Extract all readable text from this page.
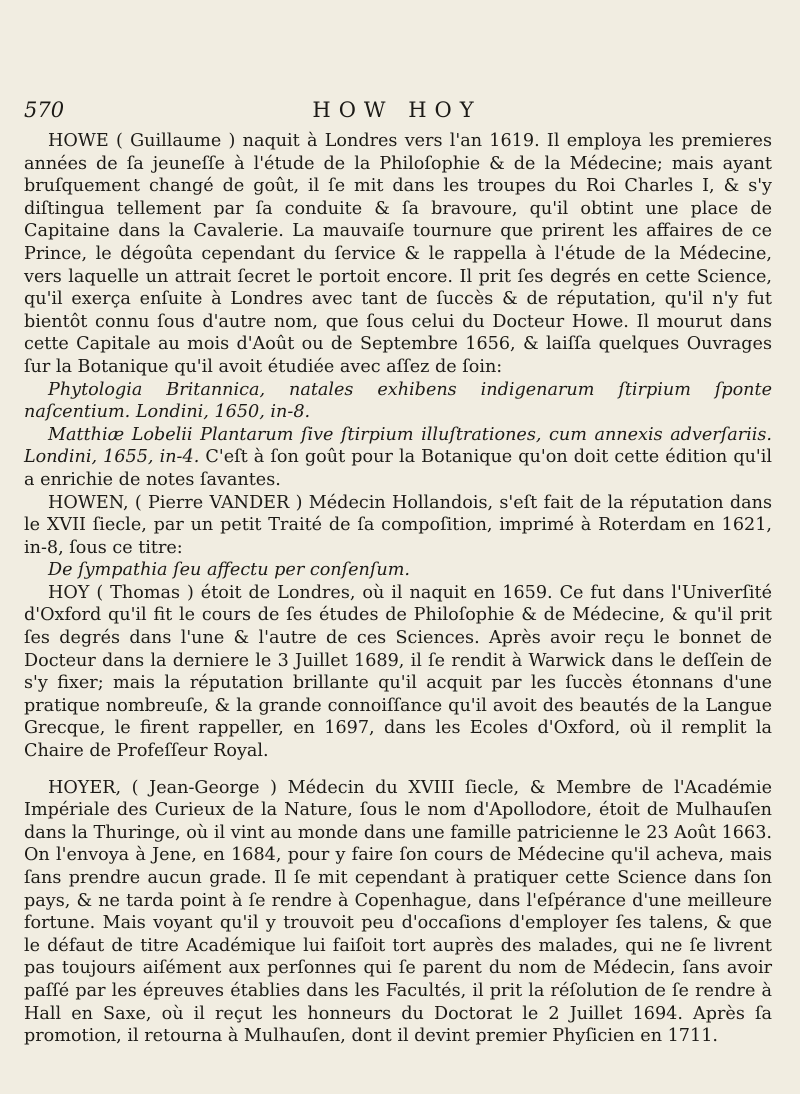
570	HOW HOY

HOWE ( Guillaume ) naquit à Londres vers l'an 1619. Il employa les premieres années de ſa jeuneſſe à l'étude de la Philoſophie & de la Médecine; mais ayant bruſquement changé de goût, il ſe mit dans les troupes du Roi Charles I, & s'y diſtingua tellement par ſa conduite & ſa bravoure, qu'il obtint une place de Capitaine dans la Cavalerie. La mauvaiſe tournure que prirent les affaires de ce Prince, le dégoûta cependant du ſervice & le rappella à l'étude de la Médecine, vers laquelle un attrait ſecret le portoit encore. Il prit ſes degrés en cette Science, qu'il exerça enſuite à Londres avec tant de ſuccès & de réputation, qu'il n'y fut bientôt connu ſous d'autre nom, que ſous celui du Docteur Howe. Il mourut dans cette Capitale au mois d'Août ou de Septembre 1656, & laiſſa quelques Ouvrages ſur la Botanique qu'il avoit étudiée avec aſſez de ſoin:

Phytologia Britannica, natales exhibens indigenarum ſtirpium ſponte naſcentium. Londini, 1650, in-8.

Matthiæ Lobelii Plantarum ſive ſtirpium illuſtrationes, cum annexis adverſariis. Londini, 1655, in-4. C'eſt à ſon goût pour la Botanique qu'on doit cette édition qu'il a enrichie de notes ſavantes.

HOWEN, ( Pierre VANDER ) Médecin Hollandois, s'eſt fait de la réputation dans le XVII ſiecle, par un petit Traité de ſa compoſition, imprimé à Roterdam en 1621, in-8, ſous ce titre:

De ſympathia ſeu affectu per conſenſum.

HOY ( Thomas ) étoit de Londres, où il naquit en 1659. Ce fut dans l'Univerſité d'Oxford qu'il fit le cours de ſes études de Philoſophie & de Médecine, & qu'il prit ſes degrés dans l'une & l'autre de ces Sciences. Après avoir reçu le bonnet de Docteur dans la derniere le 3 Juillet 1689, il ſe rendit à Warwick dans le deſſein de s'y fixer; mais la réputation brillante qu'il acquit par les ſuccès étonnans d'une pratique nombreuſe, & la grande connoiſſance qu'il avoit des beautés de la Langue Grecque, le firent rappeller, en 1697, dans les Ecoles d'Oxford, où il remplit la Chaire de Profeſſeur Royal.

HOYER, ( Jean-George ) Médecin du XVIII ſiecle, & Membre de l'Académie Impériale des Curieux de la Nature, ſous le nom d'Apollodore, étoit de Mulhauſen dans la Thuringe, où il vint au monde dans une famille patricienne le 23 Août 1663. On l'envoya à Jene, en 1684, pour y faire ſon cours de Médecine qu'il acheva, mais ſans prendre aucun grade. Il ſe mit cependant à pratiquer cette Science dans ſon pays, & ne tarda point à ſe rendre à Copenhague, dans l'eſpérance d'une meilleure fortune. Mais voyant qu'il y trouvoit peu d'occaſions d'employer ſes talens, & que le défaut de titre Académique lui faiſoit tort auprès des malades, qui ne ſe livrent pas toujours aiſément aux perſonnes qui ſe parent du nom de Médecin, ſans avoir paſſé par les épreuves établies dans les Facultés, il prit la réſolution de ſe rendre à Hall en Saxe, où il reçut les honneurs du Doctorat le 2 Juillet 1694. Après ſa promotion, il retourna à Mulhauſen, dont il devint premier Phyſicien en 1711.
